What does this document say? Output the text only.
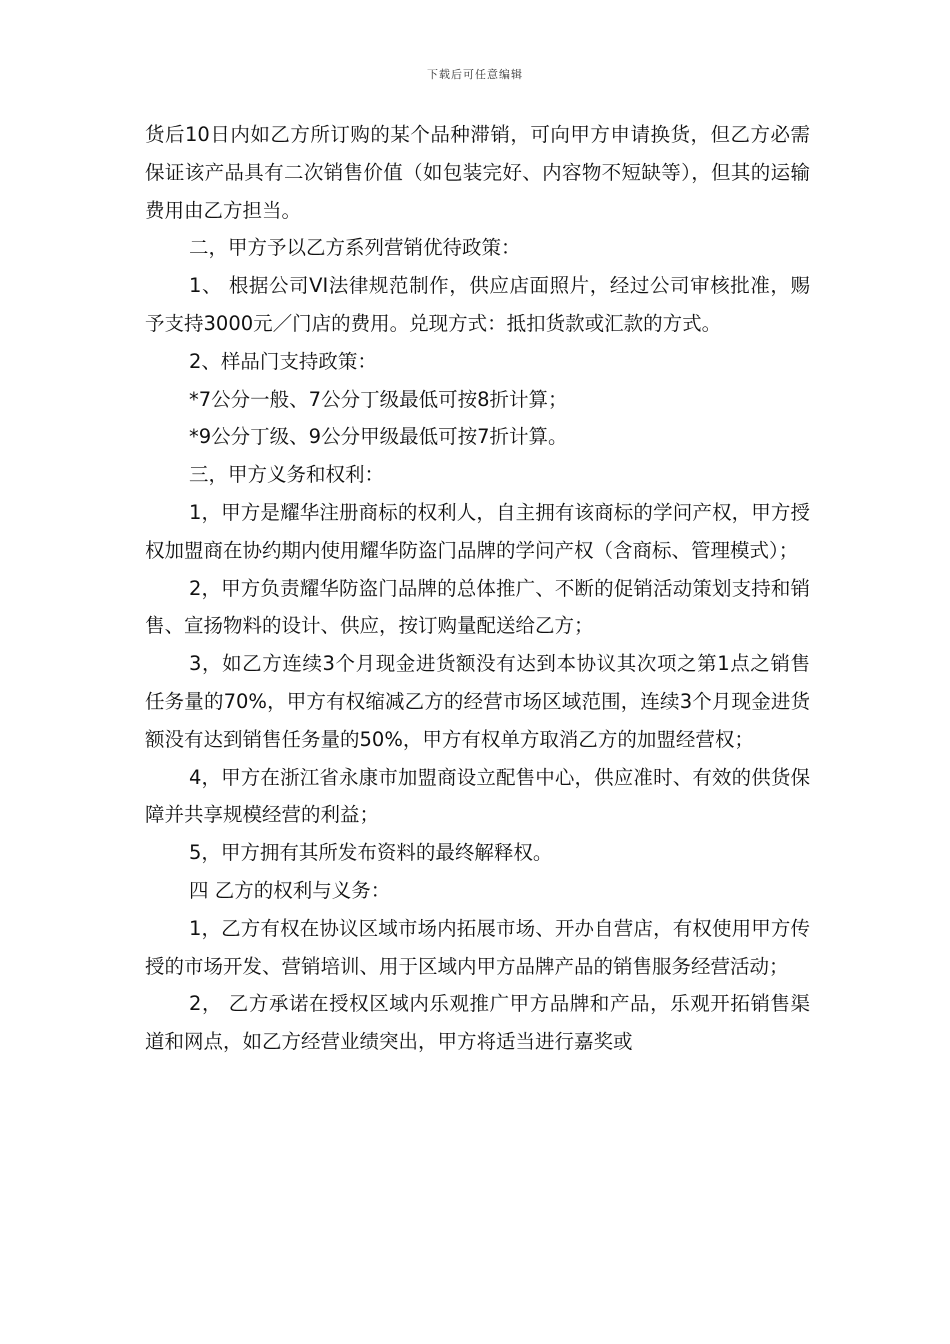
下载后可任意编辑

货后10日内如乙方所订购的某个品种滞销，可向甲方申请换货，但乙方必需保证该产品具有二次销售价值（如包装完好、内容物不短缺等），但其的运输费用由乙方担当。

二，甲方予以乙方系列营销优待政策：

1、 根据公司VI法律规范制作，供应店面照片，经过公司审核批准，赐予支持3000元／门店的费用。兑现方式：抵扣货款或汇款的方式。

2、样品门支持政策：

*7公分一般、7公分丁级最低可按8折计算；

*9公分丁级、9公分甲级最低可按7折计算。

三，甲方义务和权利：

1，甲方是耀华注册商标的权利人，自主拥有该商标的学问产权，甲方授权加盟商在协约期内使用耀华防盗门品牌的学问产权（含商标、管理模式）；

2，甲方负责耀华防盗门品牌的总体推广、不断的促销活动策划支持和销售、宣扬物料的设计、供应，按订购量配送给乙方；

3，如乙方连续3个月现金进货额没有达到本协议其次项之第1点之销售任务量的70%，甲方有权缩减乙方的经营市场区域范围，连续3个月现金进货额没有达到销售任务量的50%，甲方有权单方取消乙方的加盟经营权；

4，甲方在浙江省永康市加盟商设立配售中心，供应准时、有效的供货保障并共享规模经营的利益；

5，甲方拥有其所发布资料的最终解释权。

四 乙方的权利与义务：

1，乙方有权在协议区域市场内拓展市场、开办自营店，有权使用甲方传授的市场开发、营销培训、用于区域内甲方品牌产品的销售服务经营活动；

2， 乙方承诺在授权区域内乐观推广甲方品牌和产品，乐观开拓销售渠道和网点，如乙方经营业绩突出，甲方将适当进行嘉奖或
